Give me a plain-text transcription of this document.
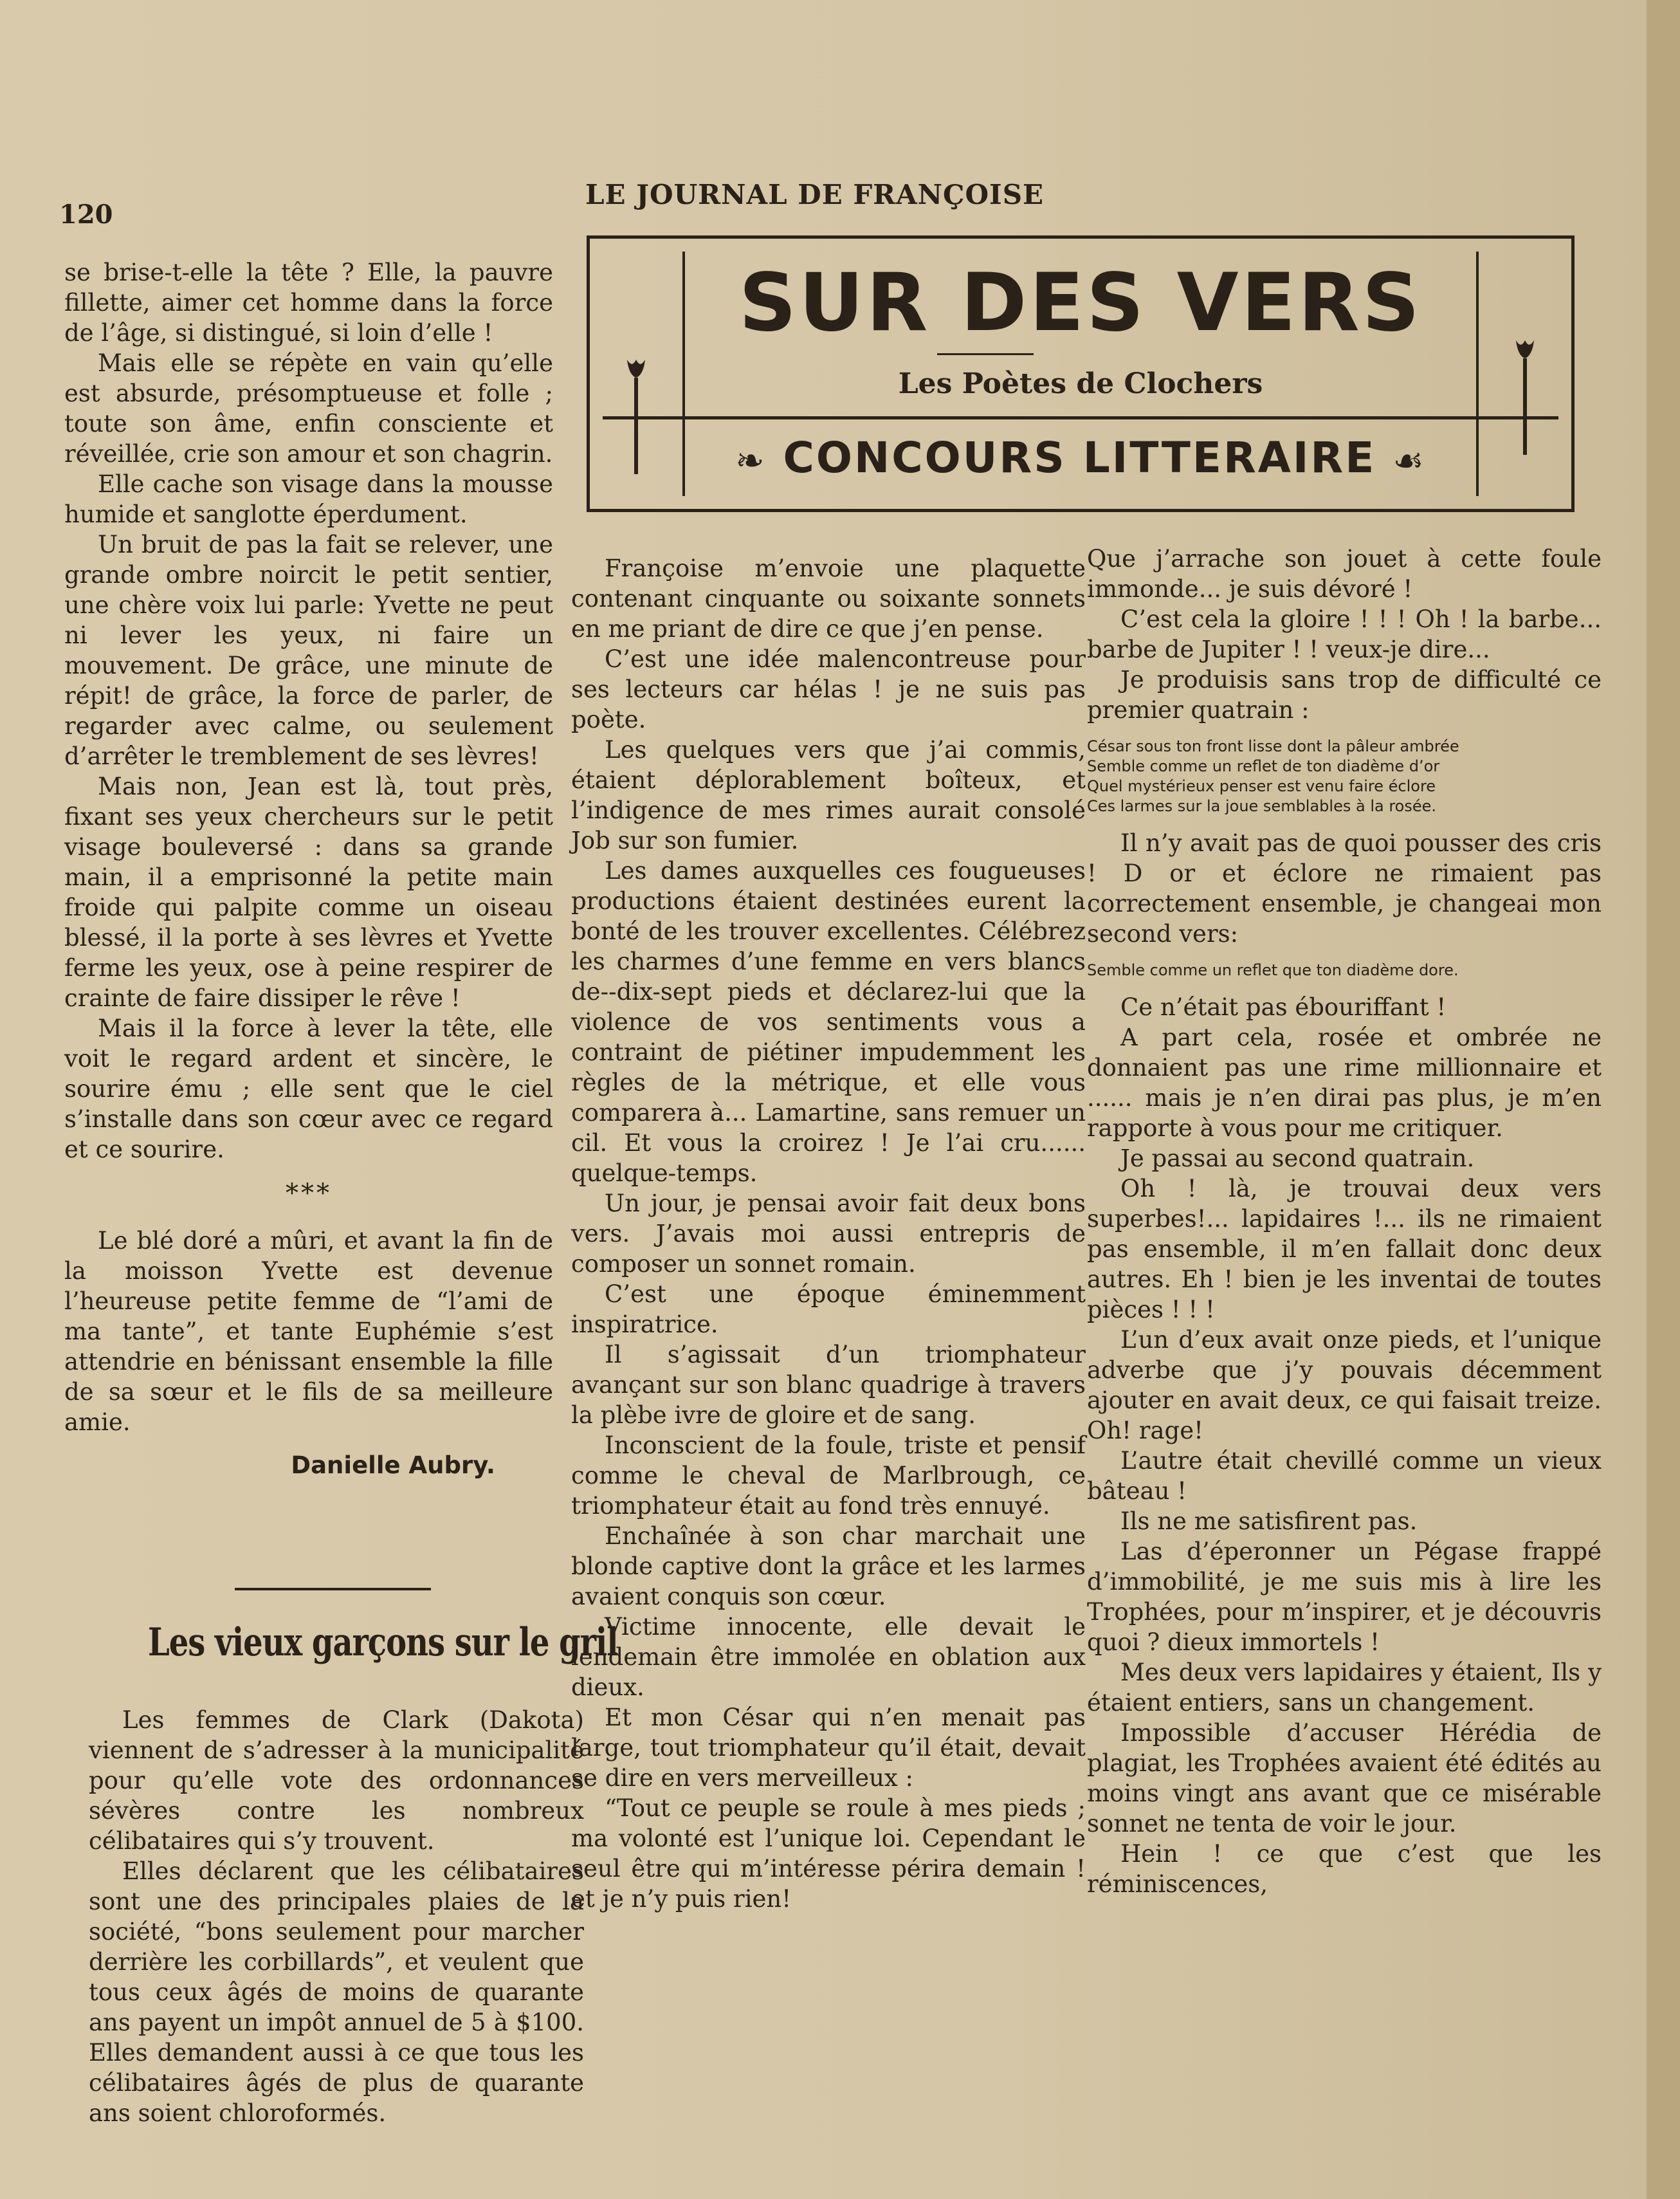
120
LE JOURNAL DE FRANÇOISE

se brise-t-elle la tête ? Elle, la pauvre fillette, aimer cet homme dans la force de l’âge, si distingué, si loin d’elle !

Mais elle se répète en vain qu’elle est absurde, présomptueuse et folle ; toute son âme, enfin consciente et réveillée, crie son amour et son chagrin.

Elle cache son visage dans la mousse humide et sanglotte éperdument.

Un bruit de pas la fait se relever, une grande ombre noircit le petit sentier, une chère voix lui parle: Yvette ne peut ni lever les yeux, ni faire un mouvement. De grâce, une minute de répit! de grâce, la force de parler, de regarder avec calme, ou seulement d’arrêter le tremblement de ses lèvres!

Mais non, Jean est là, tout près, fixant ses yeux chercheurs sur le petit visage bouleversé : dans sa grande main, il a emprisonné la petite main froide qui palpite comme un oiseau blessé, il la porte à ses lèvres et Yvette ferme les yeux, ose à peine respirer de crainte de faire dissiper le rêve !

Mais il la force à lever la tête, elle voit le regard ardent et sincère, le sourire ému ; elle sent que le ciel s’installe dans son cœur avec ce regard et ce sourire.

***

Le blé doré a mûri, et avant la fin de la moisson Yvette est devenue l’heureuse petite femme de “l’ami de ma tante”, et tante Euphémie s’est attendrie en bénissant ensemble la fille de sa sœur et le fils de sa meilleure amie.

Danielle Aubry.
Les vieux garçons sur le gril

Les femmes de Clark (Dakota) viennent de s’adresser à la municipalité pour qu’elle vote des ordonnances sévères contre les nombreux célibataires qui s’y trouvent.

Elles déclarent que les célibataires sont une des principales plaies de la société, “bons seulement pour marcher derrière les corbillards”, et veulent que tous ceux âgés de moins de quarante ans payent un impôt annuel de 5 à $100. Elles demandent aussi à ce que tous les célibataires âgés de plus de quarante ans soient chloroformés.

SUR DES VERS
Les Poètes de Clochers
❧ CONCOURS LITTERAIRE ☙

Françoise m’envoie une plaquette contenant cinquante ou soixante sonnets en me priant de dire ce que j’en pense.

C’est une idée malencontreuse pour ses lecteurs car hélas ! je ne suis pas poète.

Les quelques vers que j’ai commis, étaient déplorablement boîteux, et l’indigence de mes rimes aurait consolé Job sur son fumier.

Les dames auxquelles ces fougueuses productions étaient destinées eurent la bonté de les trouver excellentes. Célébrez les charmes d’une femme en vers blancs de--dix-sept pieds et déclarez-lui que la violence de vos sentiments vous a contraint de piétiner impudemment les règles de la métrique, et elle vous comparera à... Lamartine, sans remuer un cil. Et vous la croirez ! Je l’ai cru...... quelque-temps.

Un jour, je pensai avoir fait deux bons vers. J’avais moi aussi entrepris de composer un sonnet romain.

C’est une époque éminemment inspiratrice.

Il s’agissait d’un triomphateur avançant sur son blanc quadrige à travers la plèbe ivre de gloire et de sang.

Inconscient de la foule, triste et pensif comme le cheval de Marlbrough, ce triomphateur était au fond très ennuyé.

Enchaînée à son char marchait une blonde captive dont la grâce et les larmes avaient conquis son cœur.

Victime innocente, elle devait le lendemain être immolée en oblation aux dieux.

Et mon César qui n’en menait pas large, tout triomphateur qu’il était, devait se dire en vers merveilleux :

“Tout ce peuple se roule à mes pieds ; ma volonté est l’unique loi. Cependant le seul être qui m’intéresse périra demain ! et je n’y puis rien!

Que j’arrache son jouet à cette foule immonde... je suis dévoré !

C’est cela la gloire ! ! ! Oh ! la barbe... barbe de Jupiter ! ! veux-je dire...

Je produisis sans trop de difficulté ce premier quatrain :

César sous ton front lisse dont la pâleur ambrée
Semble comme un reflet de ton diadème d’or
Quel mystérieux penser est venu faire éclore
Ces larmes sur la joue semblables à la rosée.

Il n’y avait pas de quoi pousser des cris ! D or et éclore ne rimaient pas correctement ensemble, je changeai mon second vers:

Semble comme un reflet que ton diadème dore.

Ce n’était pas ébouriffant !

A part cela, rosée et ombrée ne donnaient pas une rime millionnaire et ...... mais je n’en dirai pas plus, je m’en rapporte à vous pour me critiquer.

Je passai au second quatrain.

Oh ! là, je trouvai deux vers superbes!... lapidaires !... ils ne rimaient pas ensemble, il m’en fallait donc deux autres. Eh ! bien je les inventai de toutes pièces ! ! !

L’un d’eux avait onze pieds, et l’unique adverbe que j’y pouvais décemment ajouter en avait deux, ce qui faisait treize. Oh! rage!

L’autre était chevillé comme un vieux bâteau !

Ils ne me satisfirent pas.

Las d’éperonner un Pégase frappé d’immobilité, je me suis mis à lire les Trophées, pour m’inspirer, et je découvris quoi ? dieux immortels !

Mes deux vers lapidaires y étaient, Ils y étaient entiers, sans un changement.

Impossible d’accuser Hérédia de plagiat, les Trophées avaient été édités au moins vingt ans avant que ce misérable sonnet ne tenta de voir le jour.

Hein ! ce que c’est que les réminiscences,
